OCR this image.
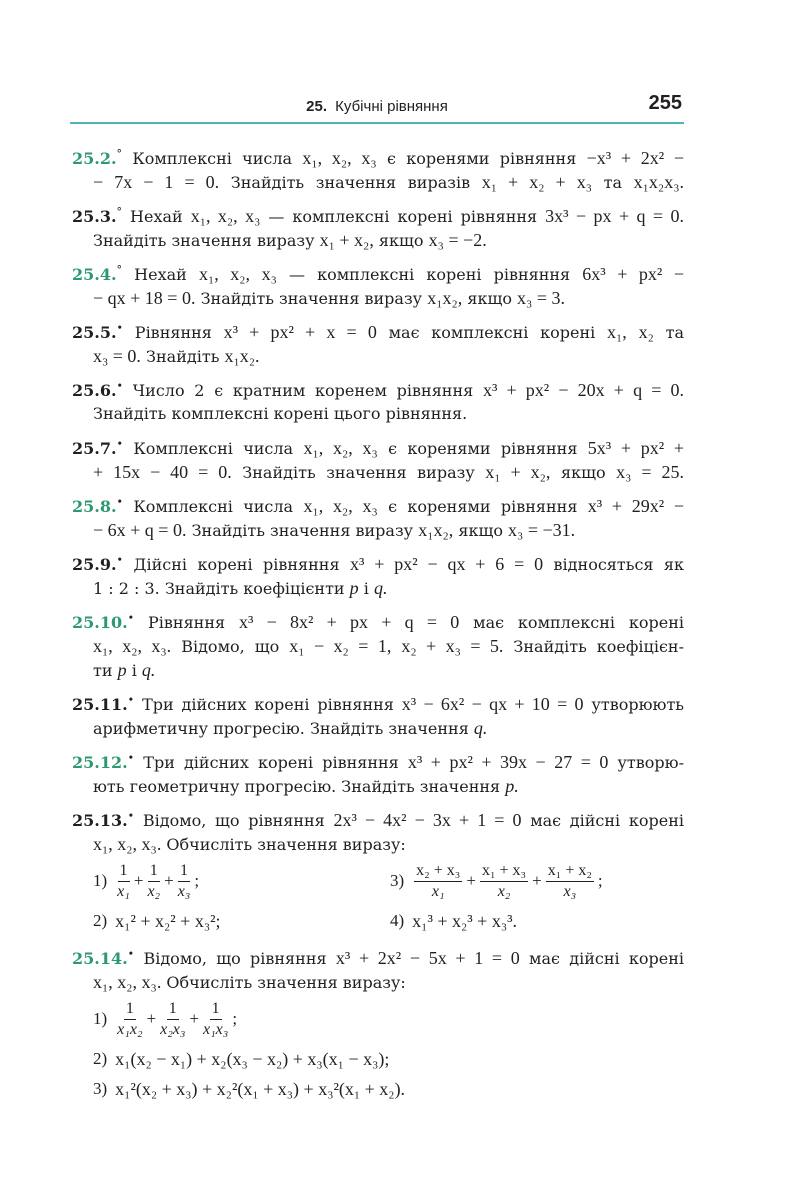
25. Кубічні рівняння	255
25.2.° Комплексні числа x₁, x₂, x₃ є коренями рівняння −x³ + 2x² −
− 7x − 1 = 0. Знайдіть значення виразів x₁ + x₂ + x₃ та x₁x₂x₃.
25.3.° Нехай x₁, x₂, x₃ — комплексні корені рівняння 3x³ − px + q = 0.
Знайдіть значення виразу x₁ + x₂, якщо x₃ = −2.
25.4.° Нехай x₁, x₂, x₃ — комплексні корені рівняння 6x³ + px² −
− qx + 18 = 0. Знайдіть значення виразу x₁x₂, якщо x₃ = 3.
25.5.• Рівняння x³ + px² + x = 0 має комплексні корені x₁, x₂ та
x₃ = 0. Знайдіть x₁x₂.
25.6.• Число 2 є кратним коренем рівняння x³ + px² − 20x + q = 0.
Знайдіть комплексні корені цього рівняння.
25.7.• Комплексні числа x₁, x₂, x₃ є коренями рівняння 5x³ + px² +
+ 15x − 40 = 0. Знайдіть значення виразу x₁ + x₂, якщо x₃ = 25.
25.8.• Комплексні числа x₁, x₂, x₃ є коренями рівняння x³ + 29x² −
− 6x + q = 0. Знайдіть значення виразу x₁x₂, якщо x₃ = −31.
25.9.• Дійсні корені рівняння x³ + px² − qx + 6 = 0 відносяться як
1 : 2 : 3. Знайдіть коефіцієнти p і q.
25.10.• Рівняння x³ − 8x² + px + q = 0 має комплексні корені
x₁, x₂, x₃. Відомо, що x₁ − x₂ = 1, x₂ + x₃ = 5. Знайдіть коефіцієн-
ти p і q.
25.11.• Три дійсних корені рівняння x³ − 6x² − qx + 10 = 0 утворюють
арифметичну прогресію. Знайдіть значення q.
25.12.• Три дійсних корені рівняння x³ + px² + 39x − 27 = 0 утворю-
ють геометричну прогресію. Знайдіть значення p.
25.13.• Відомо, що рівняння 2x³ − 4x² − 3x + 1 = 0 має дійсні корені
x₁, x₂, x₃. Обчисліть значення виразу:
$1) \frac{1}{\text{x₁}} + \frac{1}{\text{x₂}} + \frac{1}{\text{x₃}}$ ;	$3) \frac{\text{x₂ + x₃}}{\text{x₁}} + \frac{\text{x₁ + x₃}}{\text{x₂}} + \frac{\text{x₁ + x₂}}{\text{x₃}}$ ;
2) x₁² + x₂² + x₃²;	4) x₁³ + x₂³ + x₃³.
25.14.• Відомо, що рівняння x³ + 2x² − 5x + 1 = 0 має дійсні корені
x₁, x₂, x₃. Обчисліть значення виразу:
$1) \frac{1}{\text{x₁x₂}} + \frac{1}{\text{x₂x₃}} + \frac{1}{\text{x₁x₃}}$ ;
2) x₁(x₂ − x₁) + x₂(x₃ − x₂) + x₃(x₁ − x₃);
3) x₁²(x₂ + x₃) + x₂²(x₁ + x₃) + x₃²(x₁ + x₂).
